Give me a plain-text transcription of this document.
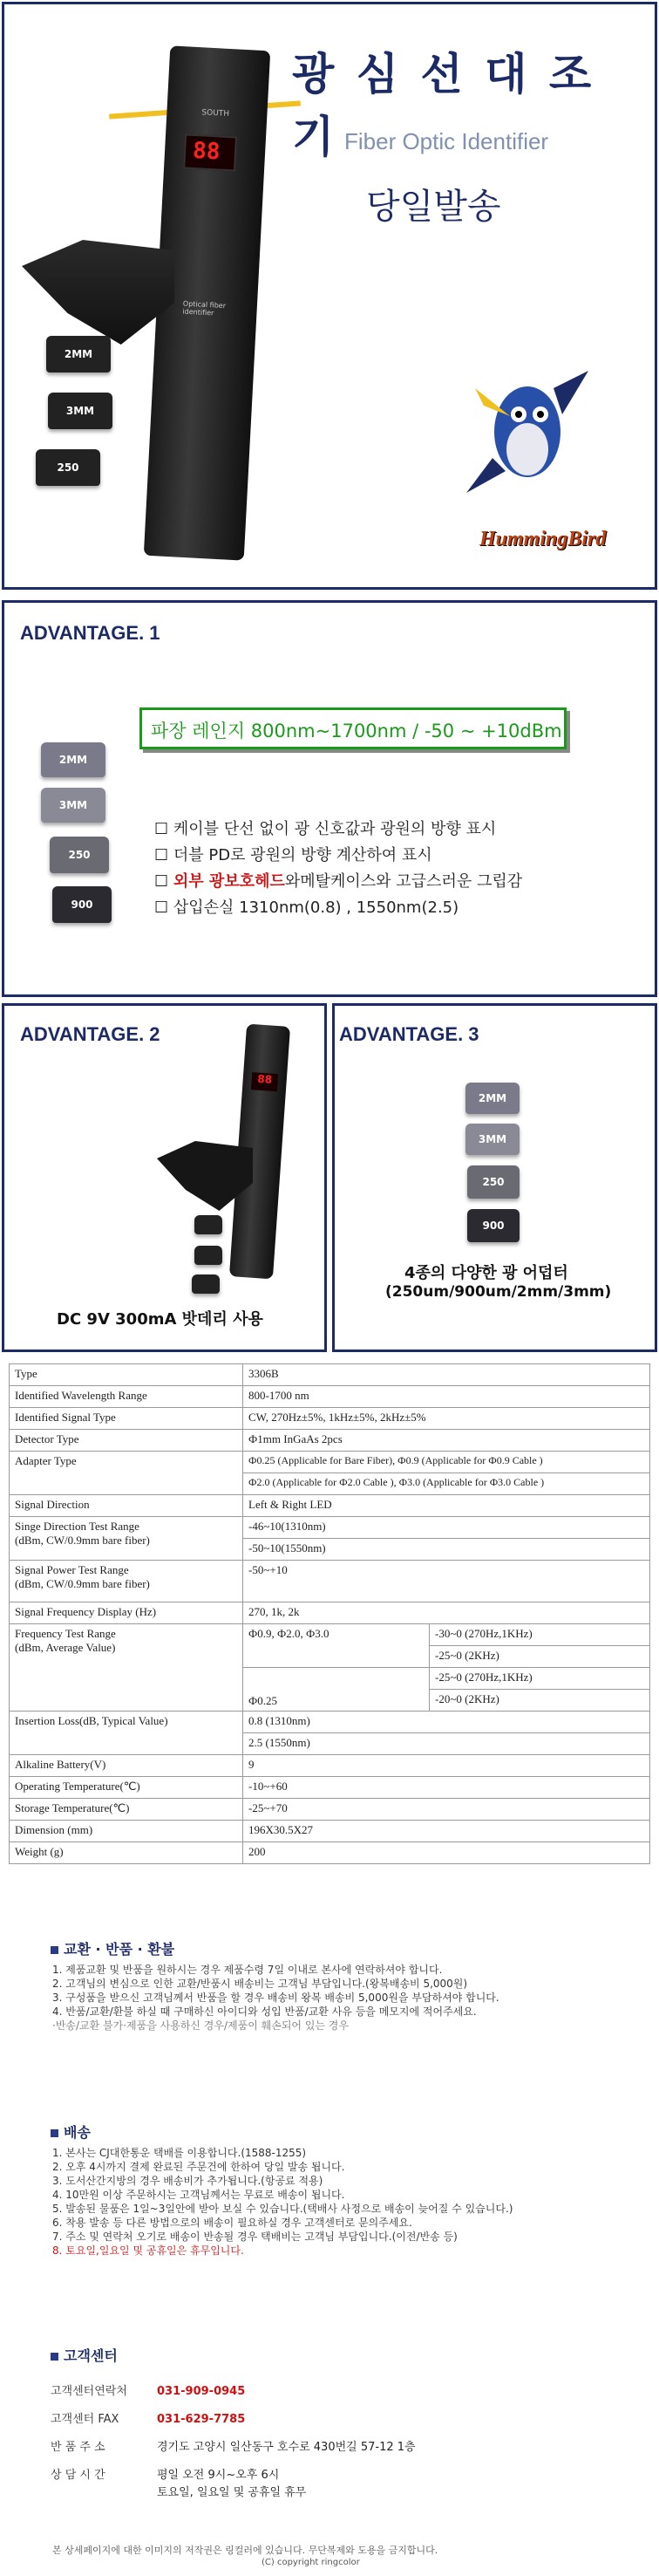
SOUTH
88
Optical fiber identifier
2MM
3MM
250
광 심 선 대 조 기 Fiber Optic Identifier
당일발송
HummingBird
ADVANTAGE. 1
파장 레인지 800nm~1700nm / -50 ~ +10dBm
2MM
3MM
250
900
☐ 케이블 단선 없이 광 신호값과 광원의 방향 표시
☐ 더블 PD로 광원의 방향 계산하여 표시
☐ 외부 광보호헤드와메탈케이스와 고급스러운 그립감
☐ 삽입손실 1310nm(0.8) , 1550nm(2.5)
ADVANTAGE. 2
88
DC 9V 300mA 밧데리 사용
ADVANTAGE. 3
2MM
3MM
250
900
4종의 다양한 광 어덥터
(250um/900um/2mm/3mm)
Type	3306B	
Identified Wavelength Range	800-1700 nm	
Identified Signal Type	CW, 270Hz±5%, 1kHz±5%, 2kHz±5%	
Detector Type	Ф1mm InGaAs 2pcs	
Adapter Type	Ф0.25 (Applicable for Bare Fiber), Ф0.9 (Applicable for Ф0.9 Cable )	
	Ф2.0 (Applicable for Ф2.0 Cable ), Ф3.0 (Applicable for Ф3.0 Cable )	
Signal Direction	Left & Right LED	

Singe Direction Test Range
(dBm, CW/0.9mm bare fiber)	-46~10(1310nm)	
	-50~10(1550nm)	

Signal Power Test Range
(dBm, CW/0.9mm bare fiber)	-50~+10	
Signal Frequency Display (Hz)	270, 1k, 2k	

Frequency Test Range
(dBm, Average Value)	Ф0.9, Ф2.0, Ф3.0	-30~0 (270Hz,1KHz)
		-25~0 (2KHz)
	Ф0.25	-25~0 (270Hz,1KHz)
		-20~0 (2KHz)
Insertion Loss(dB, Typical Value)	0.8 (1310nm)	
	2.5 (1550nm)	
Alkaline Battery(V)	9	
Operating Temperature(℃)	-10~+60	
Storage Temperature(℃)	-25~+70	
Dimension (mm)	196X30.5X27	
Weight (g)	200	
교환 · 반품 · 환불
1. 제품교환 및 반품을 원하시는 경우 제품수령 7일 이내로 본사에 연락하셔야 합니다.
2. 고객님의 변심으로 인한 교환/반품시 배송비는 고객님 부담입니다.(왕복배송비 5,000원)
3. 구성품을 받으신 고객님께서 반품을 할 경우 배송비 왕복 배송비 5,000원을 부담하셔야 합니다.
4. 반품/교환/환불 하실 때 구매하신 아이디와 성입 반품/교환 사유 등을 메모지에 적어주세요.
·반송/교환 불가·제품을 사용하신 경우/제품이 훼손되어 있는 경우
배송
1. 본사는 CJ대한통운 택배를 이용합니다.(1588-1255)
2. 오후 4시까지 결제 완료된 주문건에 한하여 당일 발송 됩니다.
3. 도서산간지방의 경우 배송비가 추가됩니다.(항공료 적용)
4. 10만원 이상 주문하시는 고객님께서는 무료로 배송이 됩니다.
5. 발송된 물품은 1일~3일안에 받아 보실 수 있습니다.(택배사 사정으로 배송이 늦어질 수 있습니다.)
6. 착용 발송 등 다른 방법으로의 배송이 필요하실 경우 고객센터로 문의주세요.
7. 주소 및 연락처 오기로 배송이 반송될 경우 택배비는 고객님 부담입니다.(이전/반송 등)
8. 토요일,일요일 및 공휴일은 휴무입니다.
고객센터
고객센터연락처	031-909-0945
고객센터 FAX	031-629-7785
반 품 주 소	경기도 고양시 일산동구 호수로 430번길 57-12 1층
상 담 시 간	평일 오전 9시~오후 6시
토요일, 일요일 및 공휴일 휴무
본 상세페이지에 대한 이미지의 저작권은 링컬러에 있습니다. 무단복제와 도용을 금지합니다.
(C) copyright ringcolor
